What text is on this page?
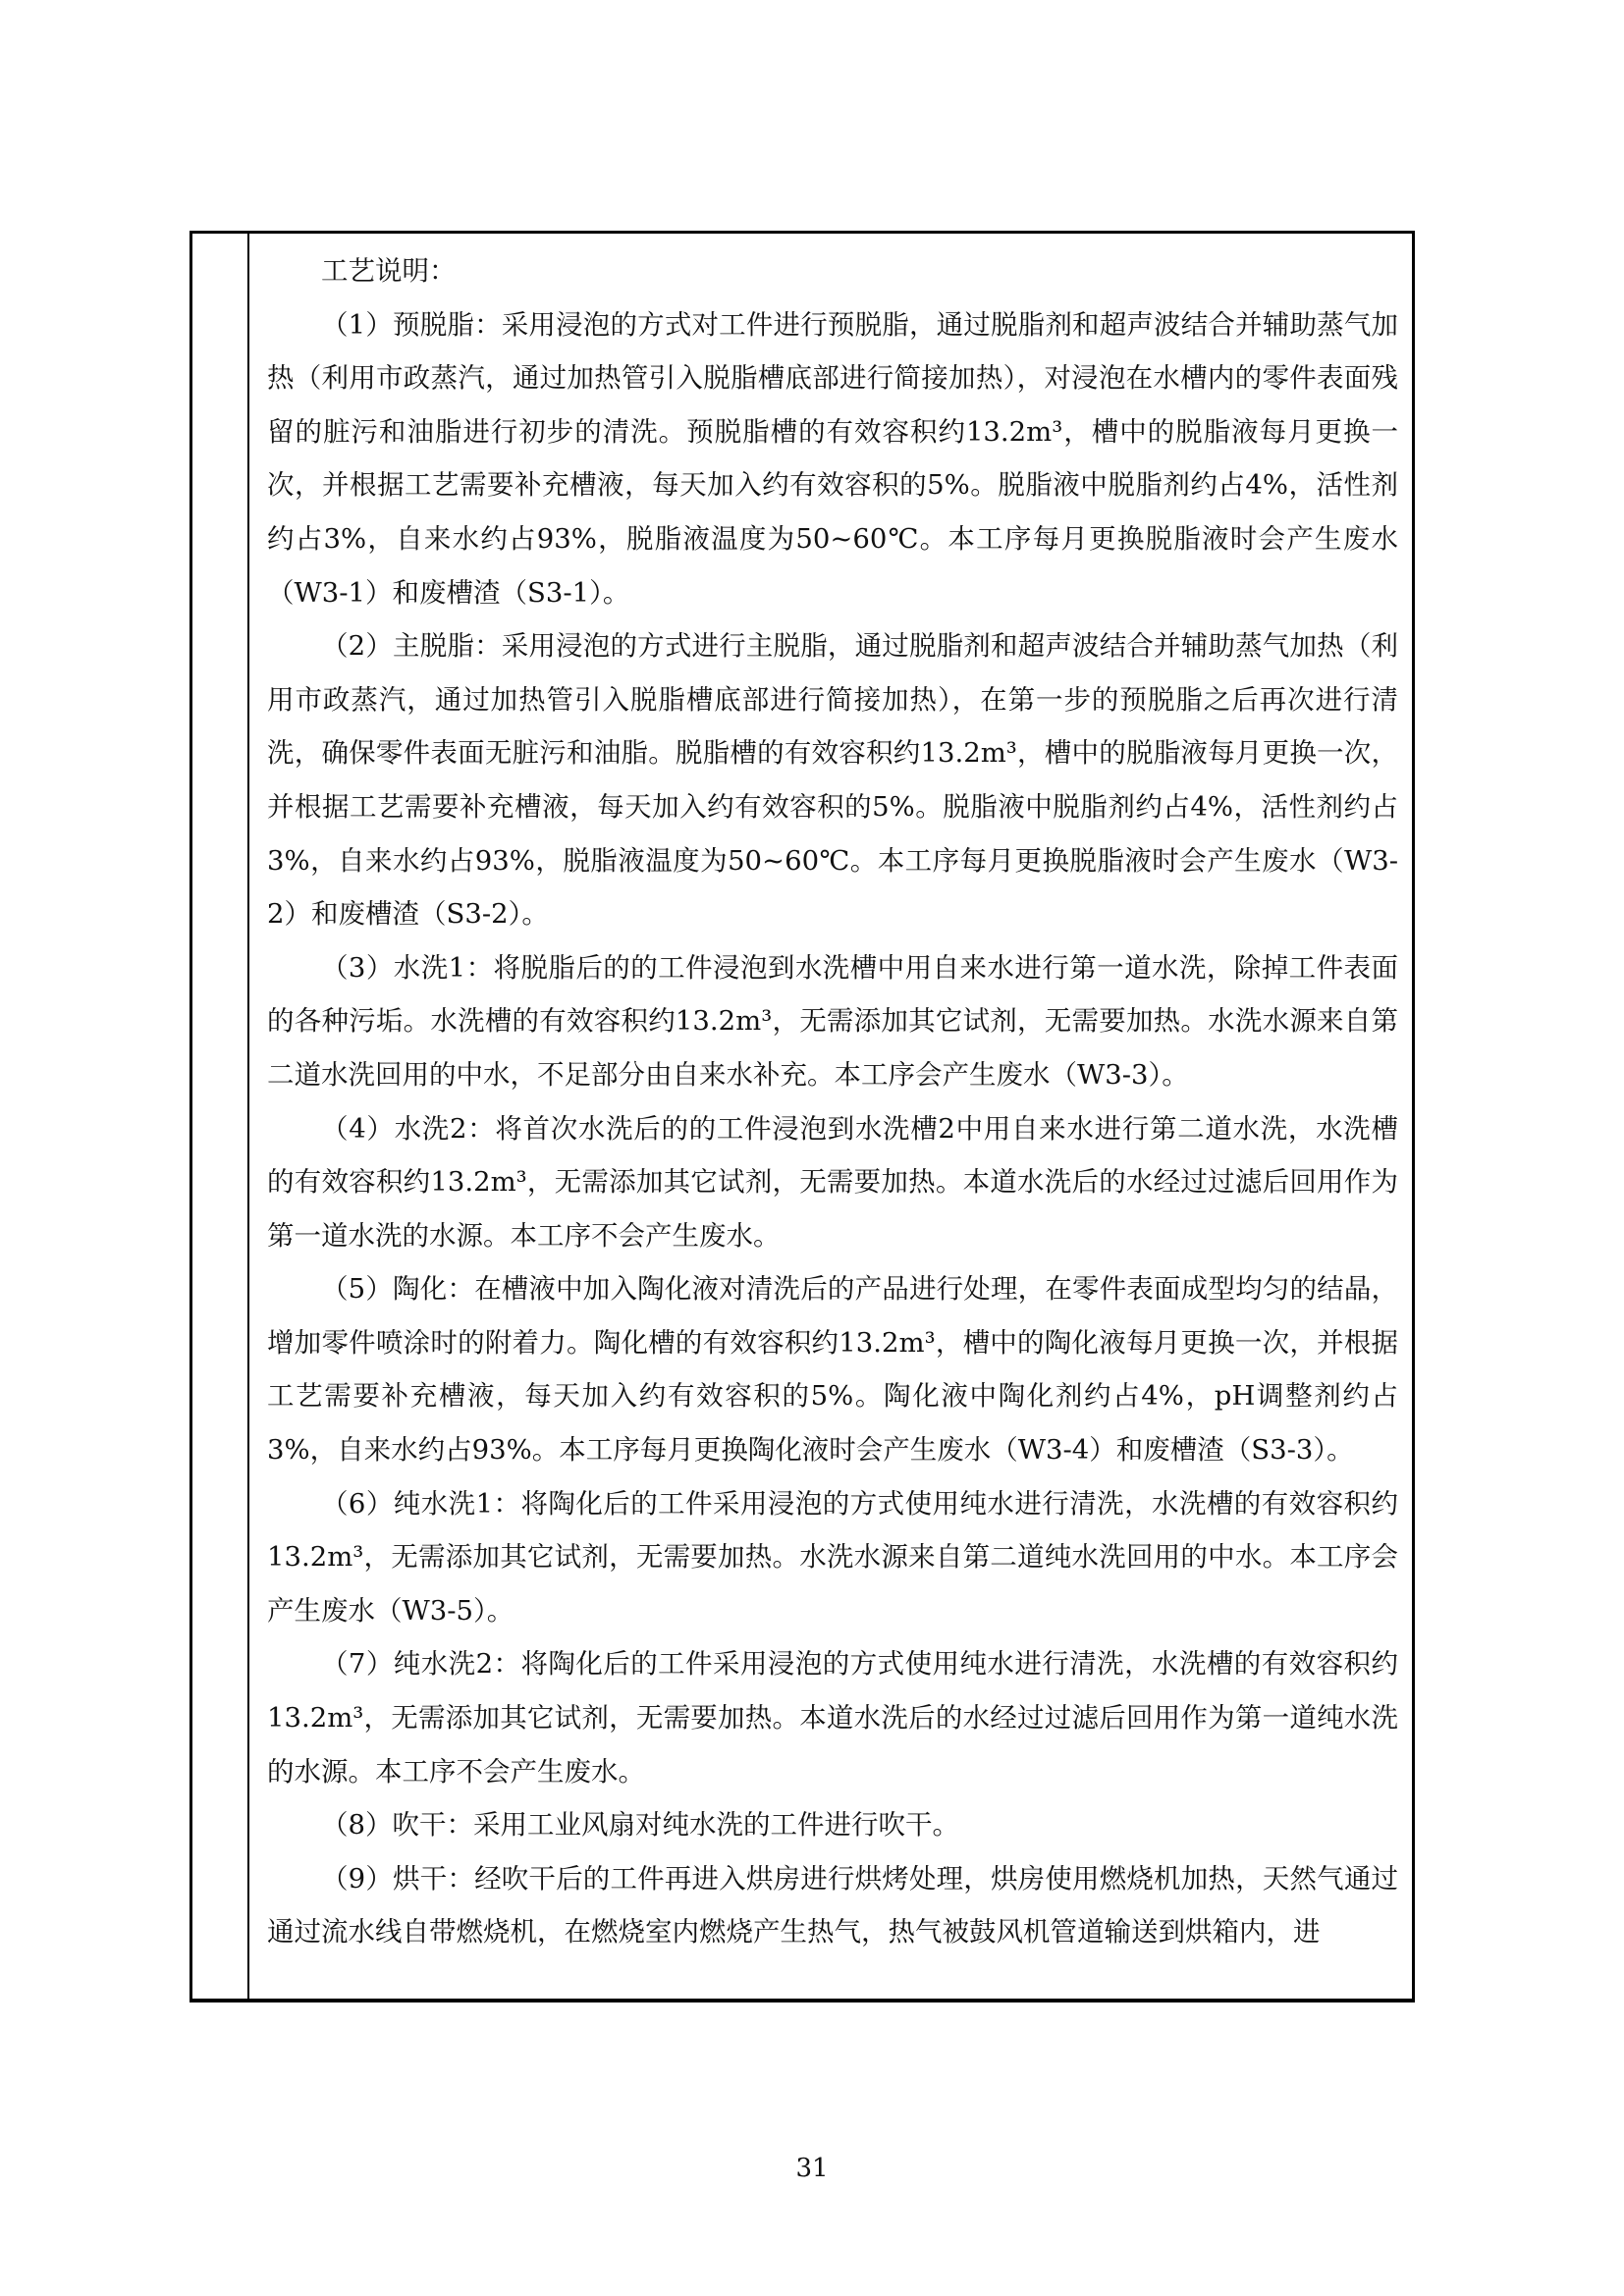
工艺说明：

（1）预脱脂：采用浸泡的方式对工件进行预脱脂，通过脱脂剂和超声波结合并辅助蒸气加热（利用市政蒸汽，通过加热管引入脱脂槽底部进行简接加热），对浸泡在水槽内的零件表面残留的脏污和油脂进行初步的清洗。预脱脂槽的有效容积约13.2m³，槽中的脱脂液每月更换一次，并根据工艺需要补充槽液，每天加入约有效容积的5%。脱脂液中脱脂剂约占4%，活性剂约占3%，自来水约占93%，脱脂液温度为50~60℃。本工序每月更换脱脂液时会产生废水（W3-1）和废槽渣（S3-1）。

（2）主脱脂：采用浸泡的方式进行主脱脂，通过脱脂剂和超声波结合并辅助蒸气加热（利用市政蒸汽，通过加热管引入脱脂槽底部进行简接加热），在第一步的预脱脂之后再次进行清洗，确保零件表面无脏污和油脂。脱脂槽的有效容积约13.2m³，槽中的脱脂液每月更换一次，并根据工艺需要补充槽液，每天加入约有效容积的5%。脱脂液中脱脂剂约占4%，活性剂约占3%，自来水约占93%，脱脂液温度为50~60℃。本工序每月更换脱脂液时会产生废水（W3-2）和废槽渣（S3-2）。

（3）水洗1：将脱脂后的的工件浸泡到水洗槽中用自来水进行第一道水洗，除掉工件表面的各种污垢。水洗槽的有效容积约13.2m³，无需添加其它试剂，无需要加热。水洗水源来自第二道水洗回用的中水，不足部分由自来水补充。本工序会产生废水（W3-3）。

（4）水洗2：将首次水洗后的的工件浸泡到水洗槽2中用自来水进行第二道水洗，水洗槽的有效容积约13.2m³，无需添加其它试剂，无需要加热。本道水洗后的水经过过滤后回用作为第一道水洗的水源。本工序不会产生废水。

（5）陶化：在槽液中加入陶化液对清洗后的产品进行处理，在零件表面成型均匀的结晶，增加零件喷涂时的附着力。陶化槽的有效容积约13.2m³，槽中的陶化液每月更换一次，并根据工艺需要补充槽液，每天加入约有效容积的5%。陶化液中陶化剂约占4%，pH调整剂约占3%，自来水约占93%。本工序每月更换陶化液时会产生废水（W3-4）和废槽渣（S3-3）。

（6）纯水洗1：将陶化后的工件采用浸泡的方式使用纯水进行清洗，水洗槽的有效容积约13.2m³，无需添加其它试剂，无需要加热。水洗水源来自第二道纯水洗回用的中水。本工序会产生废水（W3-5）。

（7）纯水洗2：将陶化后的工件采用浸泡的方式使用纯水进行清洗，水洗槽的有效容积约13.2m³，无需添加其它试剂，无需要加热。本道水洗后的水经过过滤后回用作为第一道纯水洗的水源。本工序不会产生废水。

（8）吹干：采用工业风扇对纯水洗的工件进行吹干。

（9）烘干：经吹干后的工件再进入烘房进行烘烤处理，烘房使用燃烧机加热，天然气通过通过流水线自带燃烧机，在燃烧室内燃烧产生热气，热气被鼓风机管道输送到烘箱内，进

31
